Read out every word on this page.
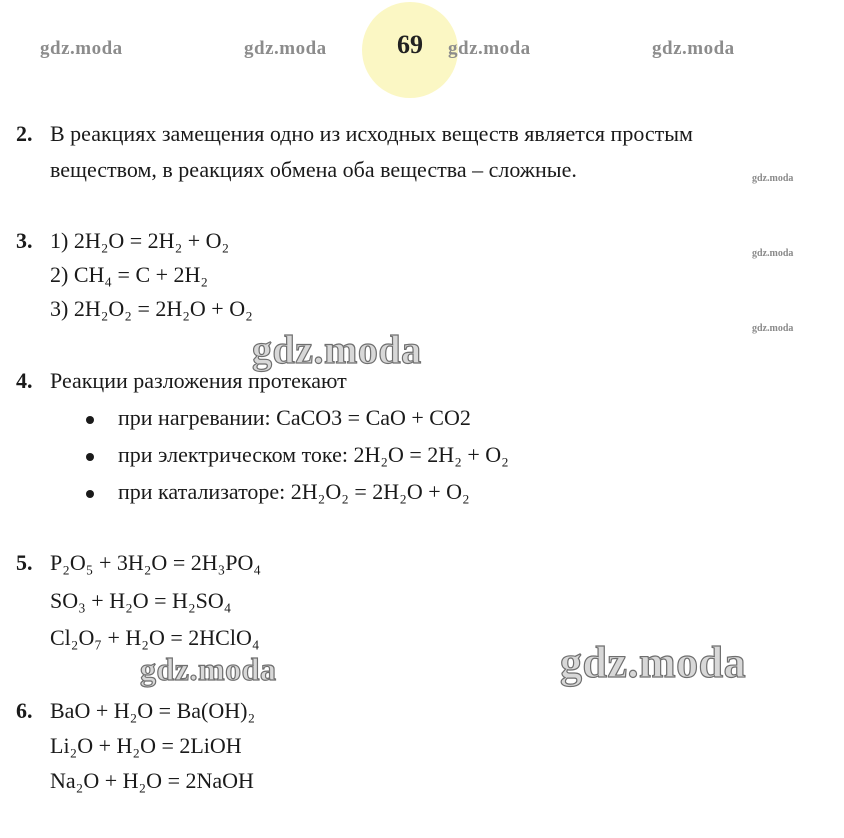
gdz.moda	gdz.moda	69	gdz.moda	gdz.moda
2. В реакциях замещения одно из исходных веществ является простым
веществом, в реакциях обмена оба вещества – сложные.	gdz.moda
3. 1) 2H₂O = 2H₂ + O₂
gdz.moda
2) CH₄ = C + 2H₂
3) 2H₂O₂ = 2H₂O + O₂
gdz.moda
gdz.moda
4. Реакции разложения протекают
при нагревании: CaCO3 = CaO + CO2
при электрическом токе: 2H₂O = 2H₂ + O₂
при катализаторе: 2H₂O₂ = 2H₂O + O₂
5. P₂O₅ + 3H₂O = 2H₃PO₄
SO₃ + H₂O = H₂SO₄
Cl₂O₇ + H₂O = 2HClO₄
gdz.moda	gdz.moda
6. BaO + H₂O = Ba(OH)₂
Li₂O + H₂O = 2LiOH
Na₂O + H₂O = 2NaOH
